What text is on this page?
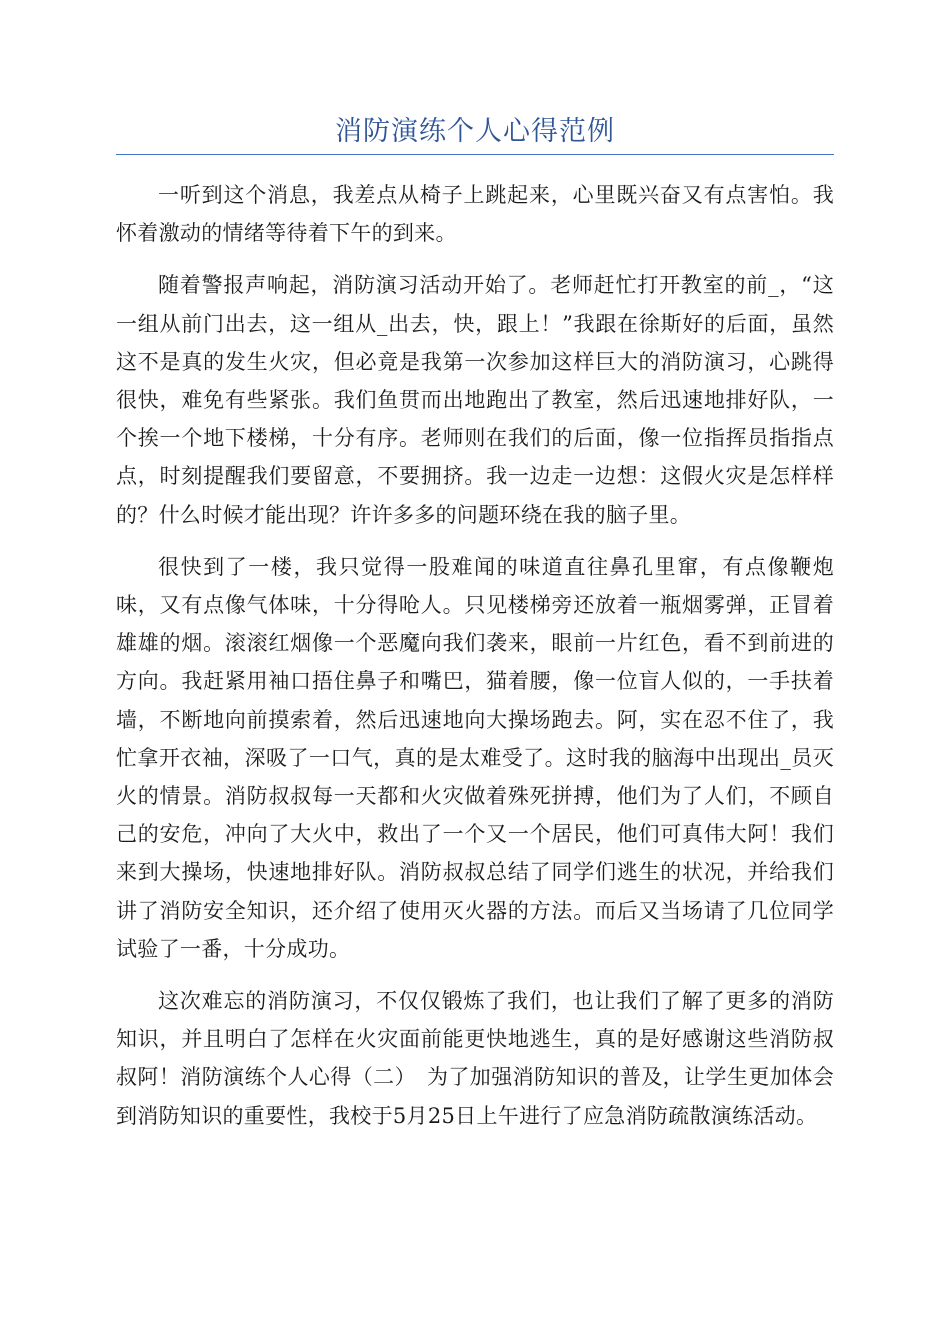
消防演练个人心得范例

一听到这个消息，我差点从椅子上跳起来，心里既兴奋又有点害怕。我怀着激动的情绪等待着下午的到来。

随着警报声响起，消防演习活动开始了。老师赶忙打开教室的前_，“这一组从前门出去，这一组从_出去，快，跟上！”我跟在徐斯好的后面，虽然这不是真的发生火灾，但必竟是我第一次参加这样巨大的消防演习，心跳得很快，难免有些紧张。我们鱼贯而出地跑出了教室，然后迅速地排好队，一个挨一个地下楼梯，十分有序。老师则在我们的后面，像一位指挥员指指点点，时刻提醒我们要留意，不要拥挤。我一边走一边想：这假火灾是怎样样的？什么时候才能出现？许许多多的问题环绕在我的脑子里。

很快到了一楼，我只觉得一股难闻的味道直往鼻孔里窜，有点像鞭炮味，又有点像气体味，十分得呛人。只见楼梯旁还放着一瓶烟雾弹，正冒着雄雄的烟。滚滚红烟像一个恶魔向我们袭来，眼前一片红色，看不到前进的方向。我赶紧用袖口捂住鼻子和嘴巴，猫着腰，像一位盲人似的，一手扶着墙，不断地向前摸索着，然后迅速地向大操场跑去。阿，实在忍不住了，我忙拿开衣袖，深吸了一口气，真的是太难受了。这时我的脑海中出现出_员灭火的情景。消防叔叔每一天都和火灾做着殊死拼搏，他们为了人们，不顾自己的安危，冲向了大火中，救出了一个又一个居民，他们可真伟大阿！我们来到大操场，快速地排好队。消防叔叔总结了同学们逃生的状况，并给我们讲了消防安全知识，还介绍了使用灭火器的方法。而后又当场请了几位同学试验了一番，十分成功。

这次难忘的消防演习，不仅仅锻炼了我们，也让我们了解了更多的消防知识，并且明白了怎样在火灾面前能更快地逃生，真的是好感谢这些消防叔叔阿！消防演练个人心得（二）　为了加强消防知识的普及，让学生更加体会到消防知识的重要性，我校于5月25日上午进行了应急消防疏散演练活动。
